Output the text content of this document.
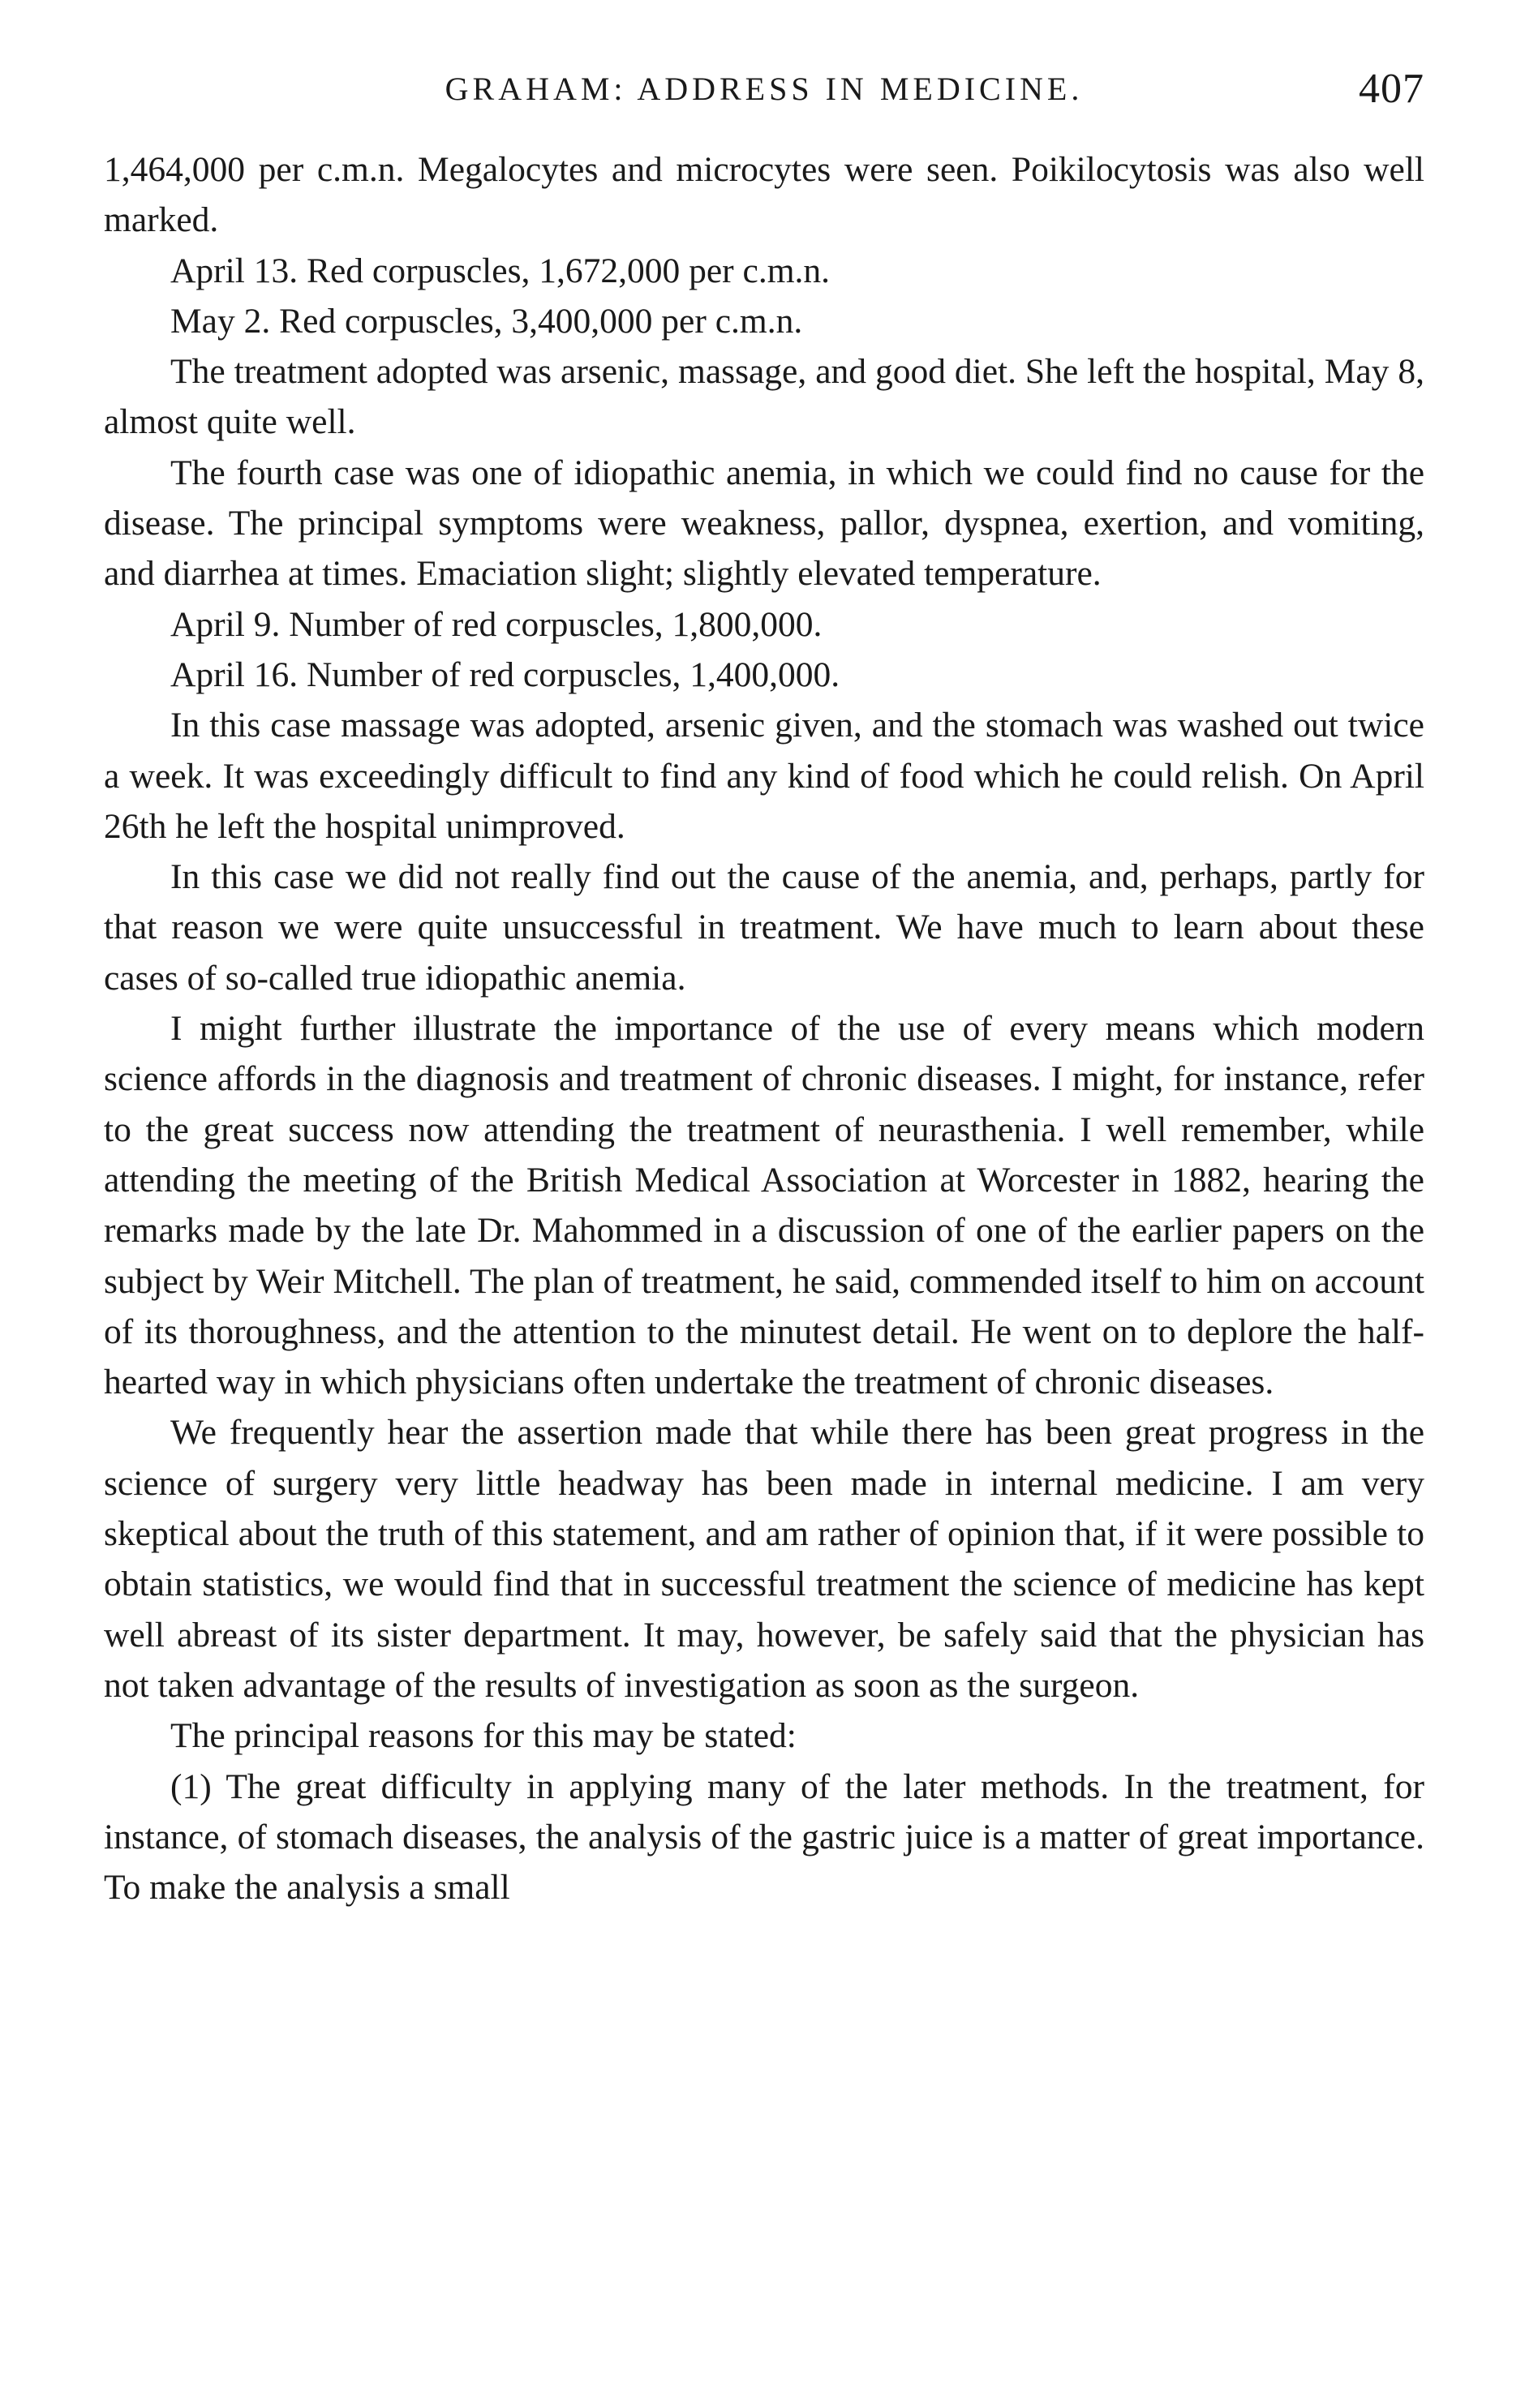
GRAHAM: ADDRESS IN MEDICINE.	407

1,464,000 per c.m.n. Megalocytes and microcytes were seen. Poikilocytosis was also well marked.

April 13. Red corpuscles, 1,672,000 per c.m.n.

May 2. Red corpuscles, 3,400,000 per c.m.n.

The treatment adopted was arsenic, massage, and good diet. She left the hospital, May 8, almost quite well.

The fourth case was one of idiopathic anemia, in which we could find no cause for the disease. The principal symptoms were weakness, pallor, dyspnea, exertion, and vomiting, and diarrhea at times. Emaciation slight; slightly elevated temperature.

April 9. Number of red corpuscles, 1,800,000.

April 16. Number of red corpuscles, 1,400,000.

In this case massage was adopted, arsenic given, and the stomach was washed out twice a week. It was exceedingly difficult to find any kind of food which he could relish. On April 26th he left the hospital unimproved.

In this case we did not really find out the cause of the anemia, and, perhaps, partly for that reason we were quite unsuccessful in treatment. We have much to learn about these cases of so-called true idiopathic anemia.

I might further illustrate the importance of the use of every means which modern science affords in the diagnosis and treatment of chronic diseases. I might, for instance, refer to the great success now attending the treatment of neurasthenia. I well remember, while attending the meeting of the British Medical Association at Worcester in 1882, hearing the remarks made by the late Dr. Mahommed in a discussion of one of the earlier papers on the subject by Weir Mitchell. The plan of treatment, he said, commended itself to him on account of its thoroughness, and the attention to the minutest detail. He went on to deplore the half-hearted way in which physicians often undertake the treatment of chronic diseases.

We frequently hear the assertion made that while there has been great progress in the science of surgery very little headway has been made in internal medicine. I am very skeptical about the truth of this statement, and am rather of opinion that, if it were possible to obtain statistics, we would find that in successful treatment the science of medicine has kept well abreast of its sister department. It may, however, be safely said that the physician has not taken advantage of the results of investigation as soon as the surgeon.

The principal reasons for this may be stated:

(1) The great difficulty in applying many of the later methods. In the treatment, for instance, of stomach diseases, the analysis of the gastric juice is a matter of great importance. To make the analysis a small
